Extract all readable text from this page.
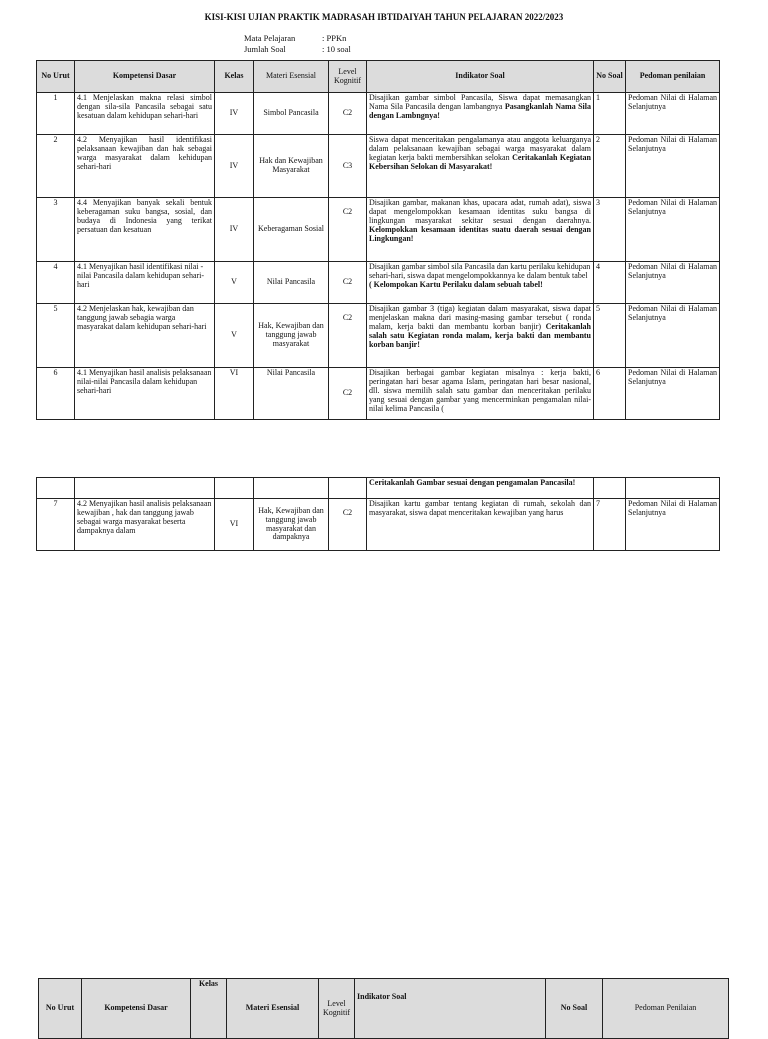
KISI-KISI UJIAN PRAKTIK MADRASAH IBTIDAIYAH TAHUN PELAJARAN 2022/2023
Mata Pelajaran	: PPKn
Jumlah Soal	: 10 soal
No Urut	Kompetensi Dasar	Kelas	Materi Esensial	Level Kognitif	Indikator Soal	No Soal	Pedoman penilaian
1	4.1 Menjelaskan makna relasi simbol dengan sila-sila Pancasila sebagai satu kesatuan dalam kehidupan sehari-hari	IV	Simbol Pancasila	C2	Disajikan gambar simbol Pancasila, Siswa dapat memasangkan Nama Sila Pancasila dengan lambangnya Pasangkanlah Nama Sila dengan Lambngnya!	1	Pedoman Nilai di Halaman Selanjutnya
2	4.2 Menyajikan hasil identifikasi pelaksanaan kewajiban dan hak sebagai warga masyarakat dalam kehidupan sehari-hari	IV	Hak dan Kewajiban Masyarakat	C3	Siswa dapat menceritakan pengalamanya atau anggota keluarganya dalam pelaksanaan kewajiban sebagai warga masyarakat dalam kegiatan kerja bakti membersihkan selokan Ceritakanlah Kegiatan Kebersihan Selokan di Masyarakat!	2	Pedoman Nilai di Halaman Selanjutnya
3	4.4 Menyajikan banyak sekali bentuk keberagaman suku bangsa, sosial, dan budaya di Indonesia yang terikat persatuan dan kesatuan	IV	Keberagaman Sosial	C2	Disajikan gambar, makanan khas, upacara adat, rumah adat), siswa dapat mengelompokkan kesamaan identitas suku bangsa di lingkungan masyarakat sekitar sesuai dengan daerahnya. Kelompokkan kesamaan identitas suatu daerah sesuai dengan Lingkungan!	3	Pedoman Nilai di Halaman Selanjutnya
4	4.1 Menyajikan hasil identifikasi nilai -nilai Pancasila dalam kehidupan sehari-hari	V	Nilai Pancasila	C2	Disajikan gambar simbol sila Pancasila dan kartu perilaku kehidupan sehari-hari, siswa dapat mengelompokkannya ke dalam bentuk tabel ( Kelompokan Kartu Perilaku dalam sebuah tabel!	4	Pedoman Nilai di Halaman Selanjutnya
5	4.2 Menjelaskan hak, kewajiban dan tanggung jawab sebagia warga masyarakat dalam kehidupan sehari-hari	V	Hak, Kewajiban dan tanggung jawab masyarakat	C2	Disajikan gambar 3 (tiga) kegiatan dalam masyarakat, siswa dapat menjelaskan makna dari masing-masing gambar tersebut ( ronda malam, kerja bakti dan membantu korban banjir) Ceritakanlah salah satu Kegiatan ronda malam, kerja bakti dan membantu korban banjir!	5	Pedoman Nilai di Halaman Selanjutnya
6	4.1 Menyajikan hasil analisis pelaksanaan nilai-nilai Pancasila dalam kehidupan sehari-hari	VI	Nilai Pancasila	C2	Disajikan berbagai gambar kegiatan misalnya : kerja bakti, peringatan hari besar agama Islam, peringatan hari besar nasional, dll. siswa memilih salah satu gambar dan menceritakan perilaku yang sesuai dengan gambar yang mencerminkan pengamalan nilai-nilai kelima Pancasila (	6	Pedoman Nilai di Halaman Selanjutnya
					Ceritakanlah Gambar sesuai dengan pengamalan Pancasila!		
7	4.2 Menyajikan hasil analisis pelaksanaan kewajiban , hak dan tanggung jawab sebagai warga masyarakat beserta dampaknya dalam	VI	Hak, Kewajiban dan tanggung jawab masyarakat dan dampaknya	C2	Disajikan kartu gambar tentang kegiatan di rumah, sekolah dan masyarakat, siswa dapat menceritakan kewajiban yang harus	7	Pedoman Nilai di Halaman Selanjutnya
No Urut	Kompetensi Dasar	Kelas	Materi Esensial	Level Kognitif	Indikator Soal	No Soal	Pedoman Penilaian
